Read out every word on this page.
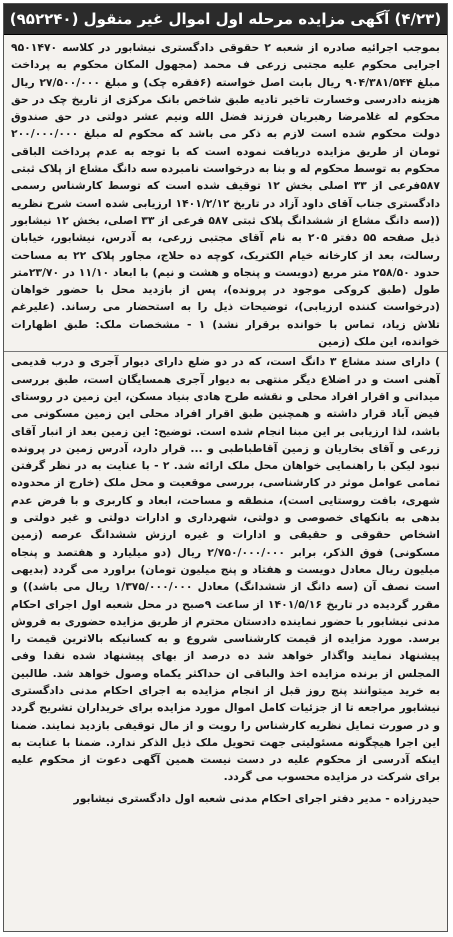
(۴/۲۳) آگهی مزایده مرحله اول اموال غیر منقول (۹۵۲۲۴۰)

بموجب اجرائیه صادره از شعبه ۲ حقوقی دادگستری نیشابور در کلاسه ۹۵۰۱۴۷۰ اجرایی محکوم علیه مجتبی زرعی ف محمد (مجهول المکان محکوم به پرداخت مبلغ ۹۰۴/۳۸۱/۵۴۴ ریال بابت اصل خواسته (۶فقره چک) و مبلغ ۲۷/۵۰۰/۰۰۰ ریال هزینه دادرسی وخسارت تاخیر تادیه طبق شاخص بانک مرکزی از تاریخ چک در حق محکوم له غلامرضا رهبریان فرزند فضل الله ونیم عشر دولتی در حق صندوق دولت محکوم شده است لازم به ذکر می باشد که محکوم له مبلغ ۲۰۰/۰۰۰/۰۰۰ تومان از طریق مزایده دریافت نموده است که با توجه به عدم پرداخت الباقی محکوم به توسط محکوم له و بنا به درخواست نامبرده سه دانگ مشاع از پلاک ثبتی ۵۸۷فرعی از ۳۳ اصلی بخش ۱۲ توقیف شده است که توسط کارشناس رسمی دادگستری جناب آقای داود آزاد در تاریخ ۱۴۰۱/۲/۱۲ ارزیابی شده است شرح نظریه ((سه دانگ مشاع از ششدانگ پلاک ثبتی ۵۸۷ فرعی از ۳۳ اصلی، بخش ۱۲ نیشابور ذیل صفحه ۵۵ دفتر ۲۰۵ به نام آقای مجتبی زرعی، به آدرس، نیشابور، خیابان رسالت، بعد از کارخانه خیام الکتریک، کوچه ده حلاج، مجاور پلاک ۲۲ به مساحت حدود ۲۵۸/۵۰ متر مربع (دویست و پنجاه و هشت و نیم) با ابعاد ۱۱/۱۰ در ۲۳/۷۰متر طول (طبق کروکی موجود در پرونده)، پس از بازدید محل با حضور خواهان (درخواست کننده ارزیابی)، توضیحات ذیل را به استحضار می رساند. (علیرغم تلاش زیاد، تماس با خوانده برقرار نشد) ۱ - مشخصات ملک: طبق اظهارات خوانده، این ملک (زمین

) دارای سند مشاع ۳ دانگ است، که در دو ضلع دارای دیوار آجری و درب قدیمی آهنی است و در اضلاع دیگر منتهی به دیوار آجری همسایگان است، طبق بررسی میدانی و اقرار افراد محلی و نقشه طرح هادی بنیاد مسکن، این زمین در روستای فیض آباد قرار داشته و همچنین طبق اقرار افراد محلی این زمین مسکونی می باشد، لذا ارزیابی بر این مبنا انجام شده است. توضیح: این زمین بعد از انبار آقای زرعی و آقای بخاریان و زمین آقاطباطبی و ... قرار دارد، آدرس زمین در پرونده نبود لیکن با راهنمایی خواهان محل ملک ارائه شد. ۲ - با عنایت به در نظر گرفتن تمامی عوامل موثر در کارشناسی، بررسی موقعیت و محل ملک (خارج از محدوده شهری، بافت روستایی است)، منطقه و مساحت، ابعاد و کاربری و با فرض عدم بدهی به بانکهای خصوصی و دولتی، شهرداری و ادارات دولتی و غیر دولتی و اشخاص حقوقی و حقیقی و ادارات و غیره ارزش ششدانگ عرصه (زمین مسکونی) فوق الذکر، برابر ۲/۷۵۰/۰۰۰/۰۰۰ ریال (دو میلیارد و هفتصد و پنجاه میلیون ریال معادل دویست و هفتاد و پنج میلیون تومان) براورد می گردد (بدیهی است نصف آن (سه دانگ از ششدانگ) معادل ۱/۳۷۵/۰۰۰/۰۰۰ ریال می باشد)) و مقرر گردیده در تاریخ ۱۴۰۱/۵/۱۶ از ساعت ۹صبح در محل شعبه اول اجرای احکام مدنی نیشابور با حضور نماینده دادستان محترم از طریق مزایده حضوری به فروش برسد. مورد مزایده از قیمت کارشناسی شروع و به کسانیکه بالاترین قیمت را پیشنهاد نمایند واگذار خواهد شد ده درصد از بهای پیشنهاد شده نقدا وفی المجلس از برنده مزایده اخذ والباقی ان حداکثر یکماه وصول خواهد شد. طالبین به خرید میتوانند پنج روز قبل از انجام مزایده به اجرای احکام مدنی دادگستری نیشابور مراجعه تا از جزئیات کامل اموال مورد مزایده برای خریداران تشریح گردد و در صورت تمایل نظریه کارشناس را رویت و از مال توقیفی بازدید نمایند. ضمنا این اجرا هیچگونه مسئولیتی جهت تحویل ملک ذیل الذکر ندارد. ضمنا با عنایت به اینکه آدرسی از محکوم علیه در دست نیست همین آگهی دعوت از محکوم علیه برای شرکت در مزایده محسوب می گردد.

حیدرزاده - مدیر دفتر اجرای احکام مدنی شعبه اول دادگستری نیشابور
